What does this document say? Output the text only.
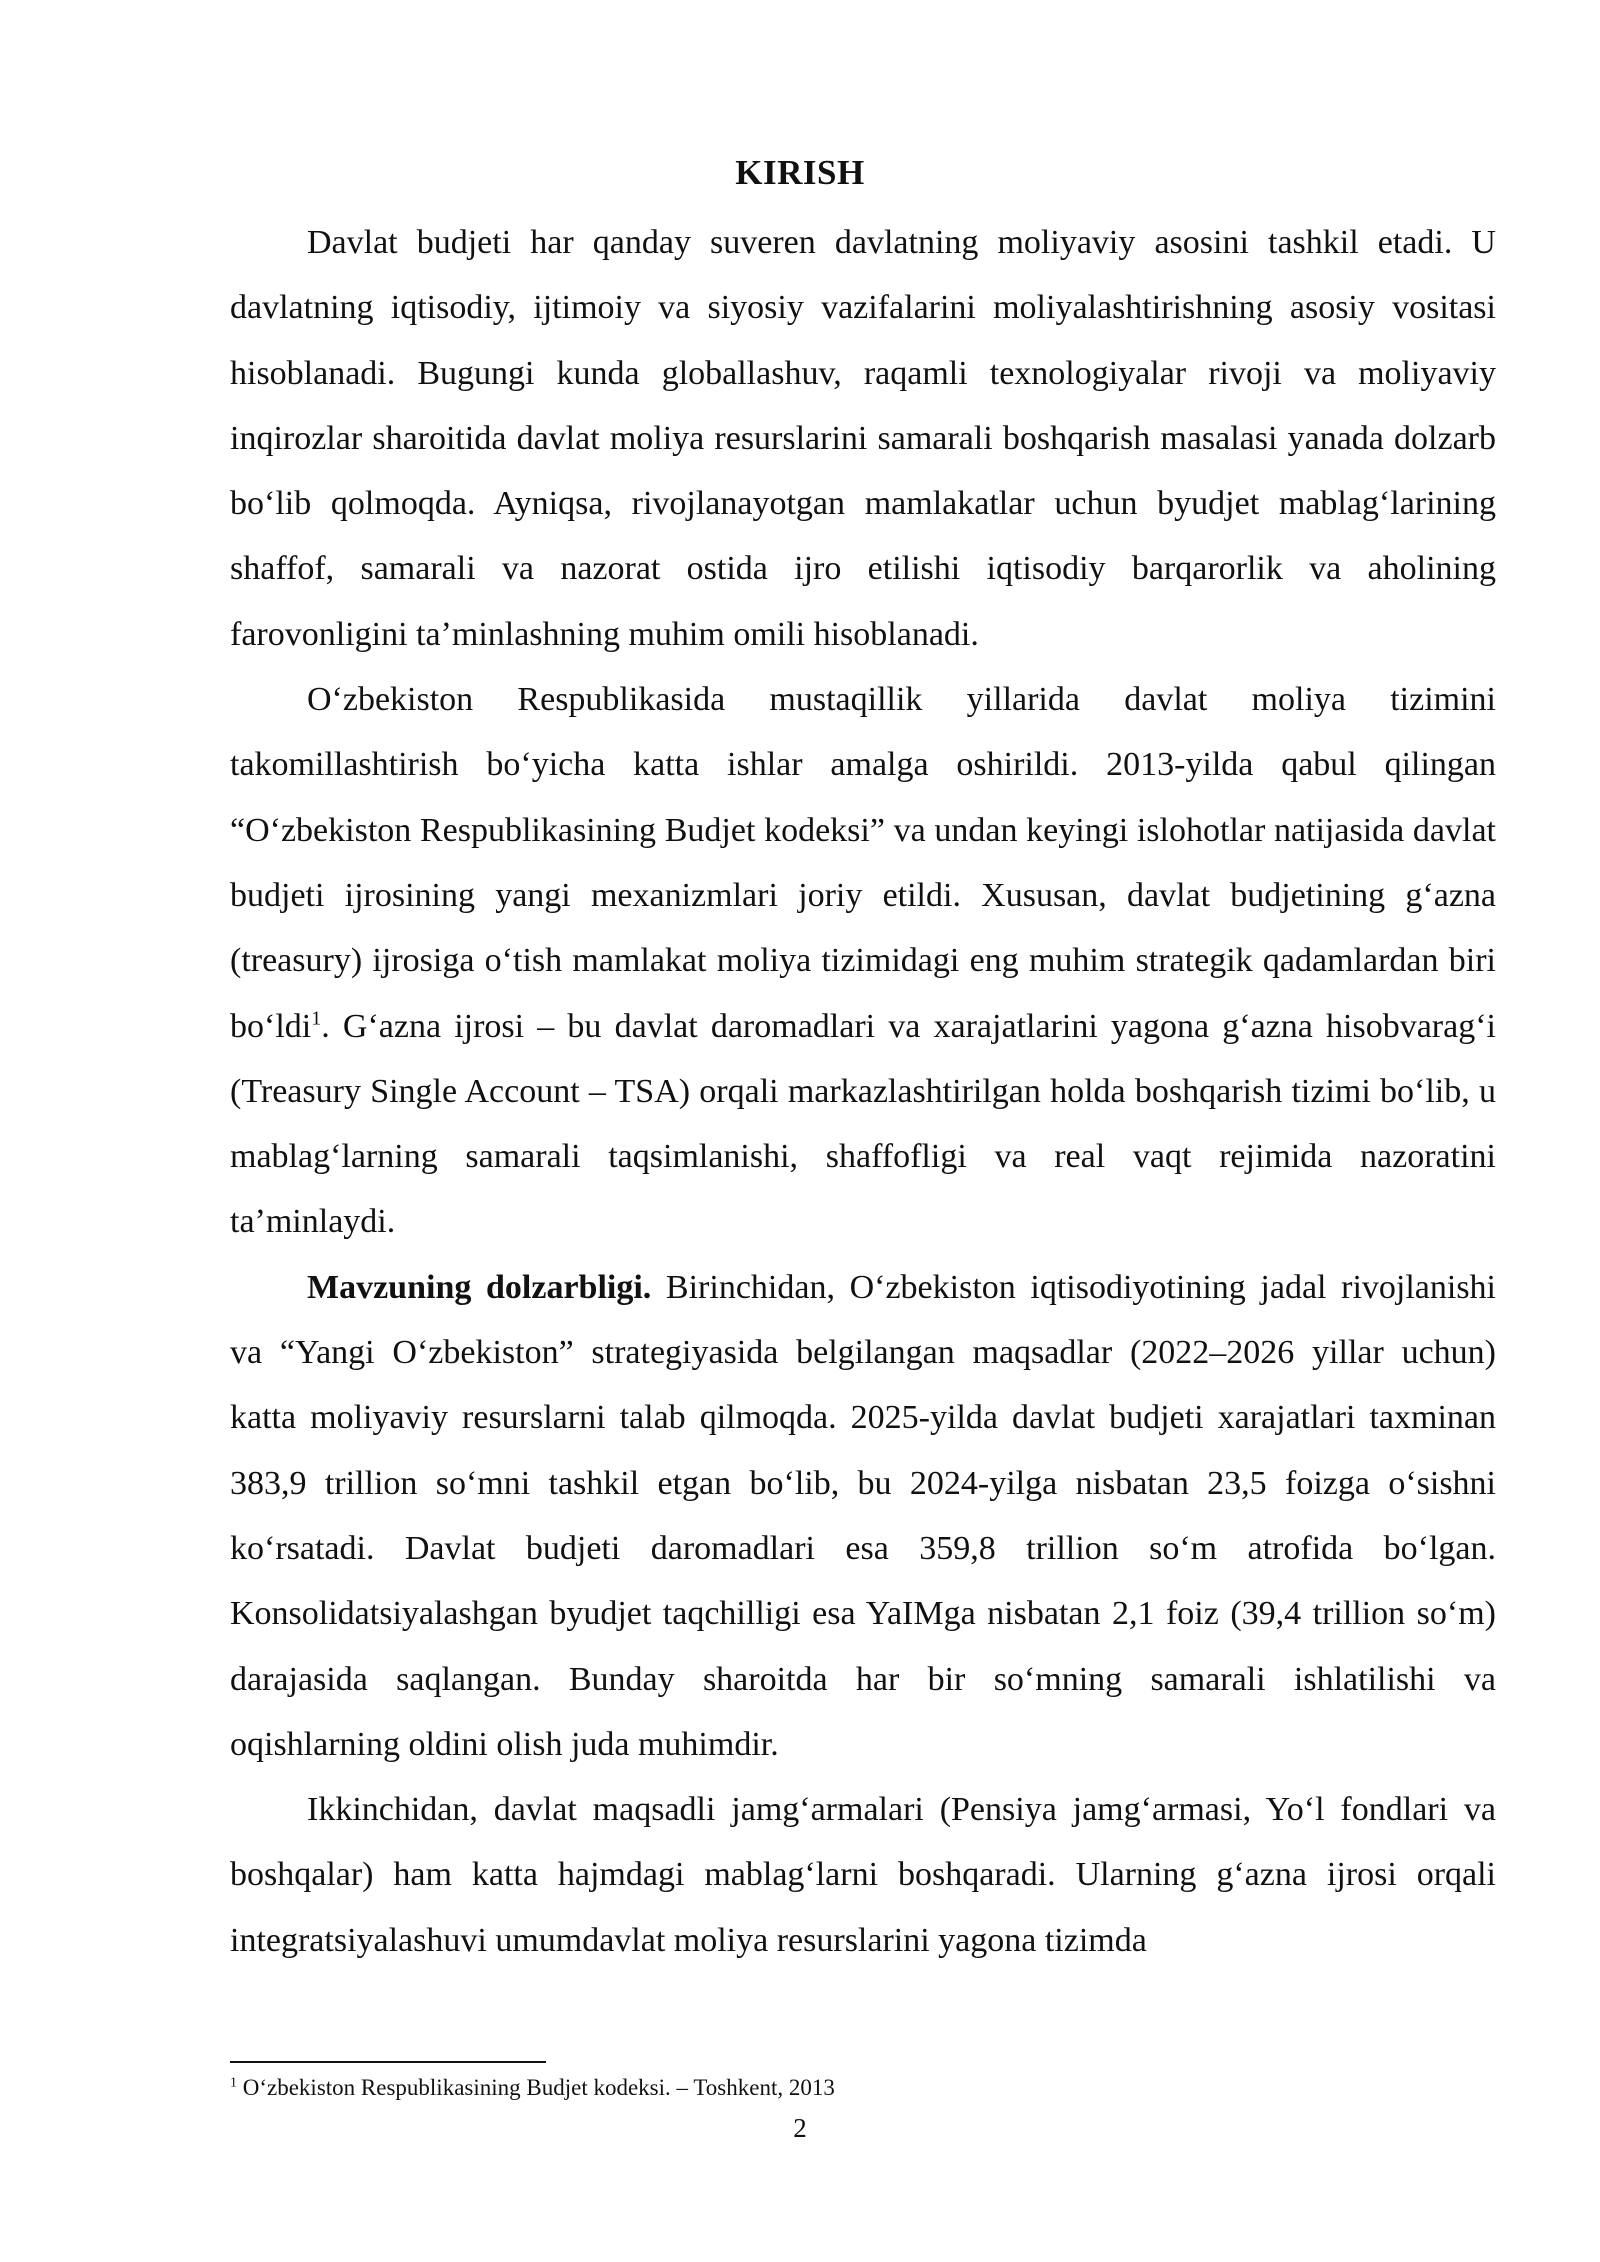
KIRISH

Davlat budjeti har qanday suveren davlatning moliyaviy asosini tashkil etadi. U davlatning iqtisodiy, ijtimoiy va siyosiy vazifalarini moliyalashtirishning asosiy vositasi hisoblanadi. Bugungi kunda globallashuv, raqamli texnologiyalar rivoji va moliyaviy inqirozlar sharoitida davlat moliya resurslarini samarali boshqarish masalasi yanada dolzarb boʻlib qolmoqda. Ayniqsa, rivojlanayotgan mamlakatlar uchun byudjet mablagʻlarining shaffof, samarali va nazorat ostida ijro etilishi iqtisodiy barqarorlik va aholining farovonligini taʼminlashning muhim omili hisoblanadi.

Oʻzbekiston Respublikasida mustaqillik yillarida davlat moliya tizimini takomillashtirish boʻyicha katta ishlar amalga oshirildi. 2013-yilda qabul qilingan “Oʻzbekiston Respublikasining Budjet kodeksi” va undan keyingi islohotlar natijasida davlat budjeti ijrosining yangi mexanizmlari joriy etildi. Xususan, davlat budjetining gʻazna (treasury) ijrosiga oʻtish mamlakat moliya tizimidagi eng muhim strategik qadamlardan biri boʻldi$^1$. Gʻazna ijrosi – bu davlat daromadlari va xarajatlarini yagona gʻazna hisobvaragʻi (Treasury Single Account – TSA) orqali markazlashtirilgan holda boshqarish tizimi boʻlib, u mablagʻlarning samarali taqsimlanishi, shaffofligi va real vaqt rejimida nazoratini taʼminlaydi.

Mavzuning dolzarbligi. Birinchidan, Oʻzbekiston iqtisodiyotining jadal rivojlanishi va “Yangi Oʻzbekiston” strategiyasida belgilangan maqsadlar (2022–2026 yillar uchun) katta moliyaviy resurslarni talab qilmoqda. 2025-yilda davlat budjeti xarajatlari taxminan 383,9 trillion soʻmni tashkil etgan boʻlib, bu 2024-yilga nisbatan 23,5 foizga oʻsishni koʻrsatadi. Davlat budjeti daromadlari esa 359,8 trillion soʻm atrofida boʻlgan. Konsolidatsiyalashgan byudjet taqchilligi esa YaIMga nisbatan 2,1 foiz (39,4 trillion soʻm) darajasida saqlangan. Bunday sharoitda har bir soʻmning samarali ishlatilishi va oqishlarning oldini olish juda muhimdir.

Ikkinchidan, davlat maqsadli jamgʻarmalari (Pensiya jamgʻarmasi, Yoʻl fondlari va boshqalar) ham katta hajmdagi mablagʻlarni boshqaradi. Ularning gʻazna ijrosi orqali integratsiyalashuvi umumdavlat moliya resurslarini yagona tizimda

$^1$ Oʻzbekiston Respublikasining Budjet kodeksi. – Toshkent, 2013
2
